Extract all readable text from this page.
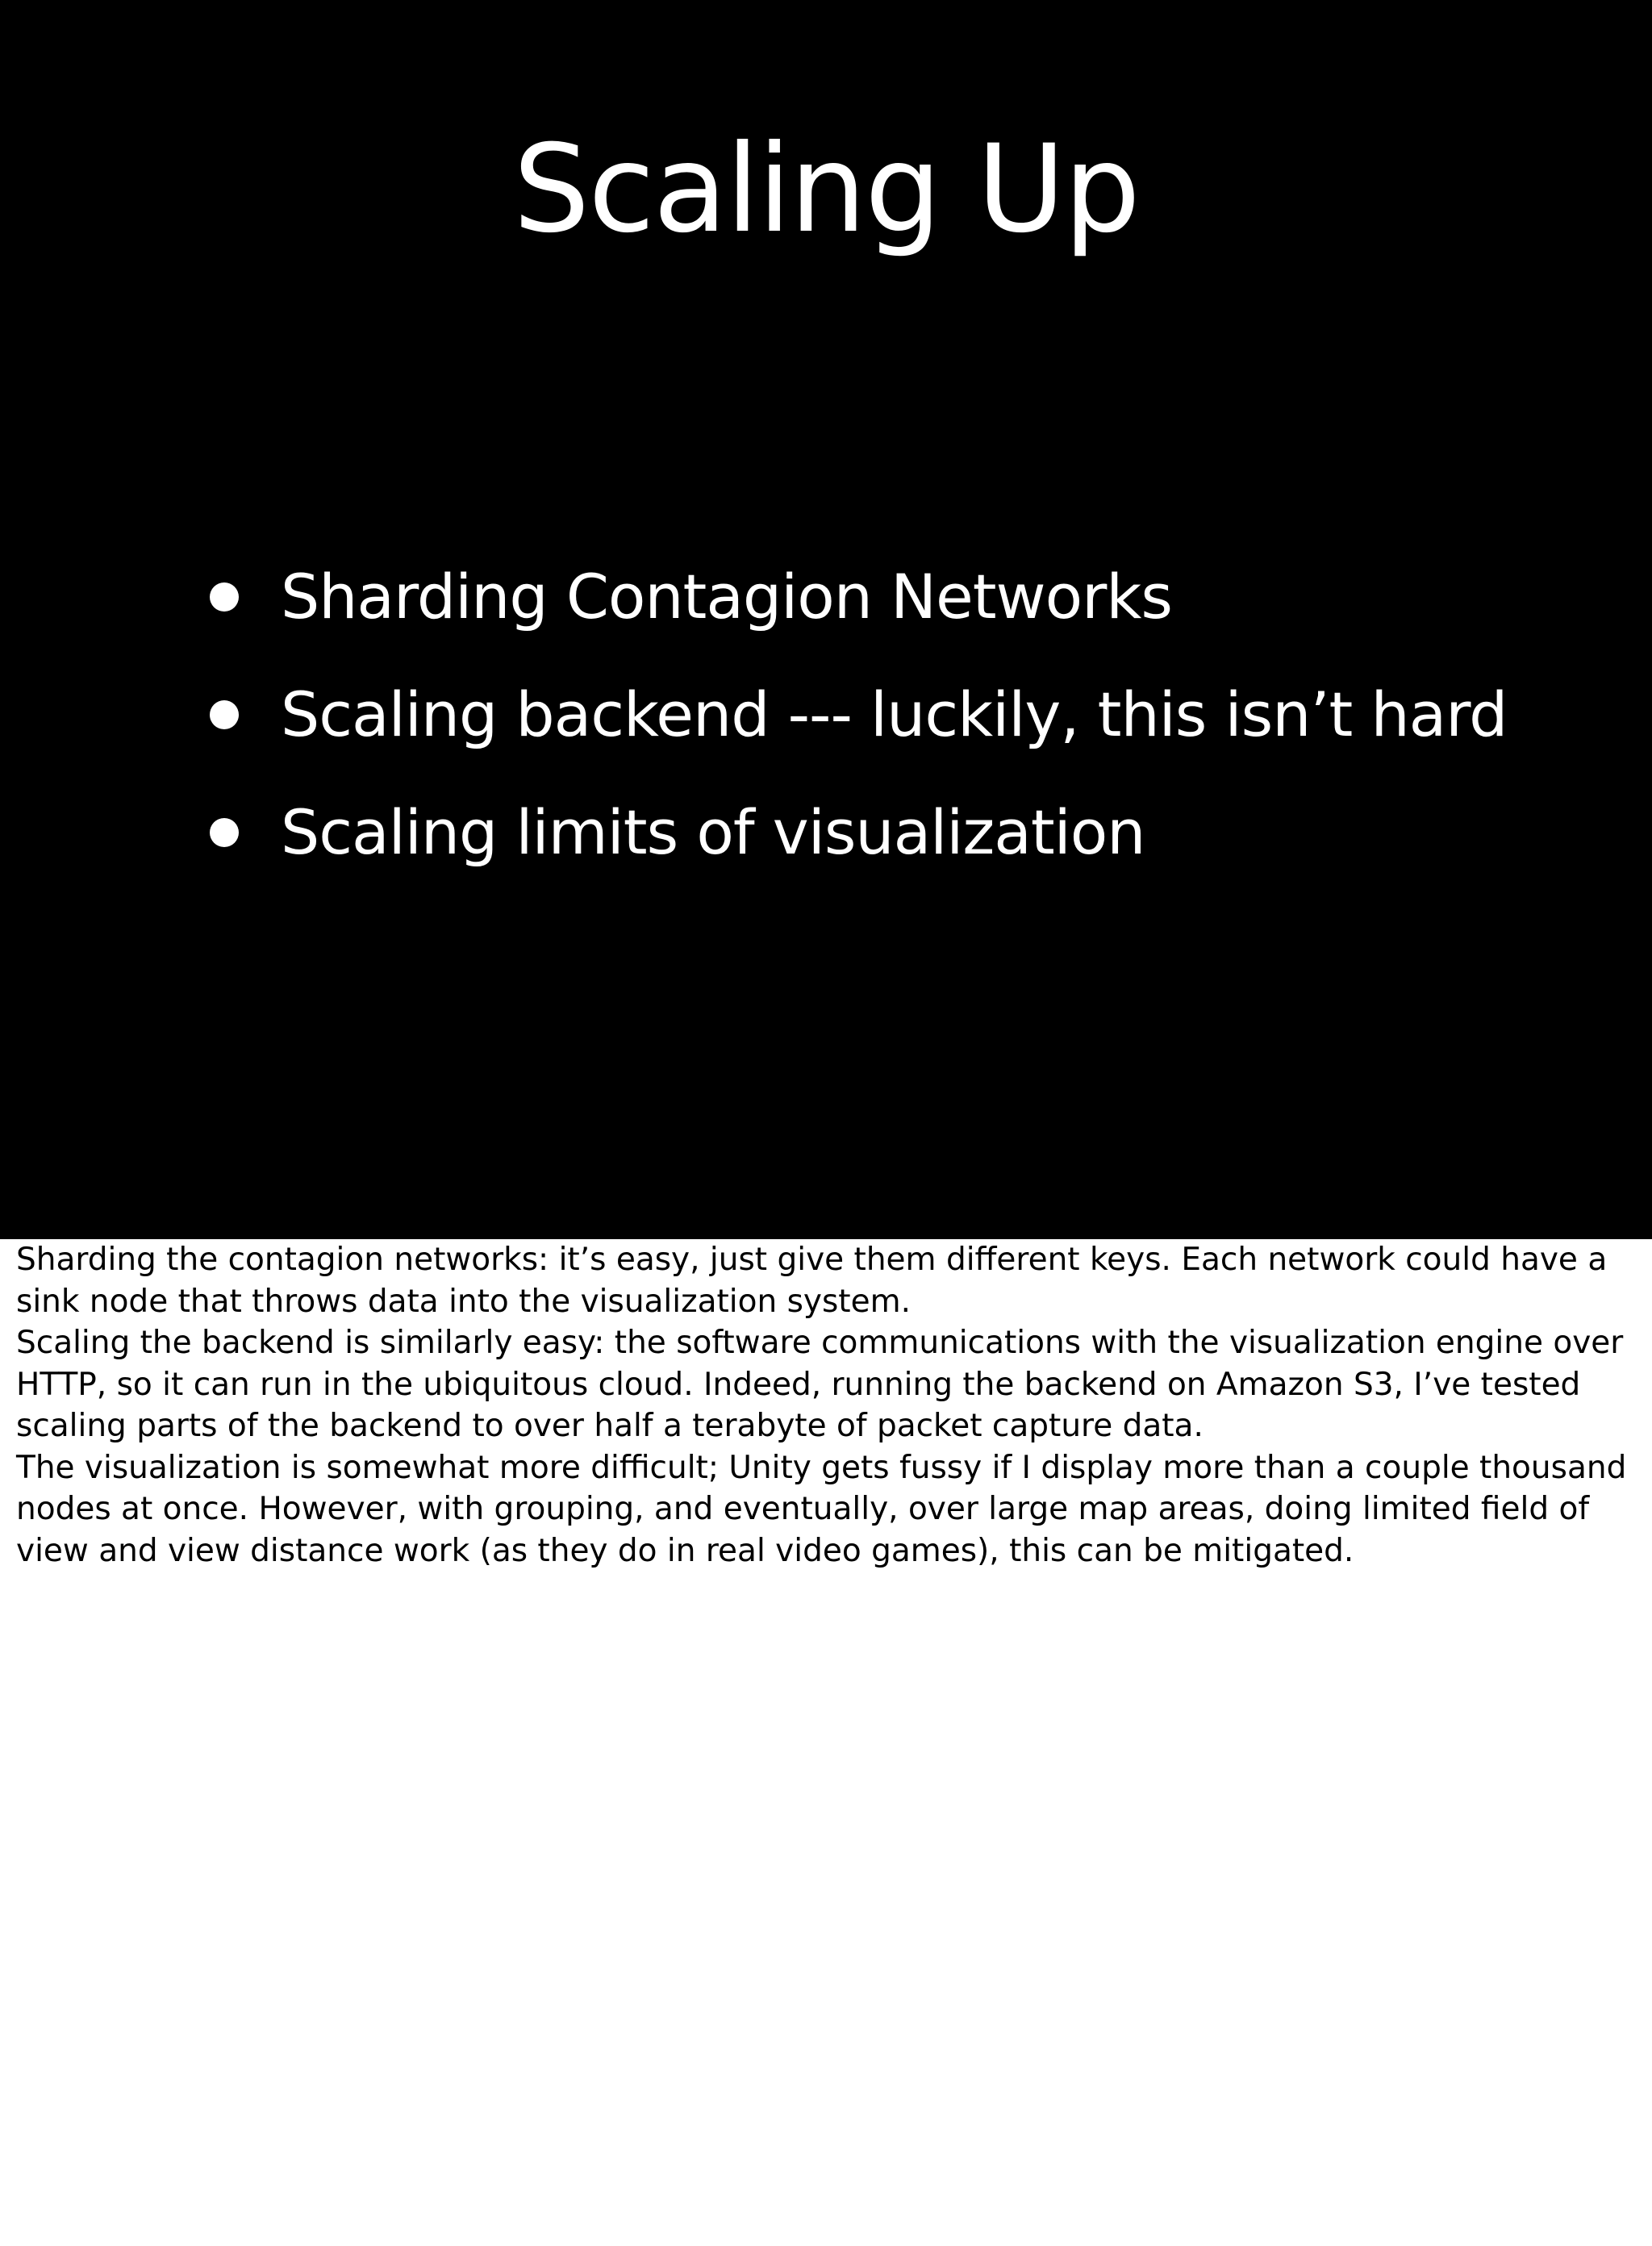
Scaling Up
Sharding Contagion Networks
Scaling backend --- luckily, this isn’t hard
Scaling limits of visualization

Sharding the contagion networks: it’s easy, just give them different keys. Each network could have a sink node that throws data into the visualization system.

Scaling the backend is similarly easy: the software communications with the visualization engine over HTTP, so it can run in the ubiquitous cloud. Indeed, running the backend on Amazon S3, I’ve tested scaling parts of the backend to over half a terabyte of packet capture data.

The visualization is somewhat more difficult; Unity gets fussy if I display more than a couple thousand nodes at once. However, with grouping, and eventually, over large map areas, doing limited field of view and view distance work (as they do in real video games), this can be mitigated.
